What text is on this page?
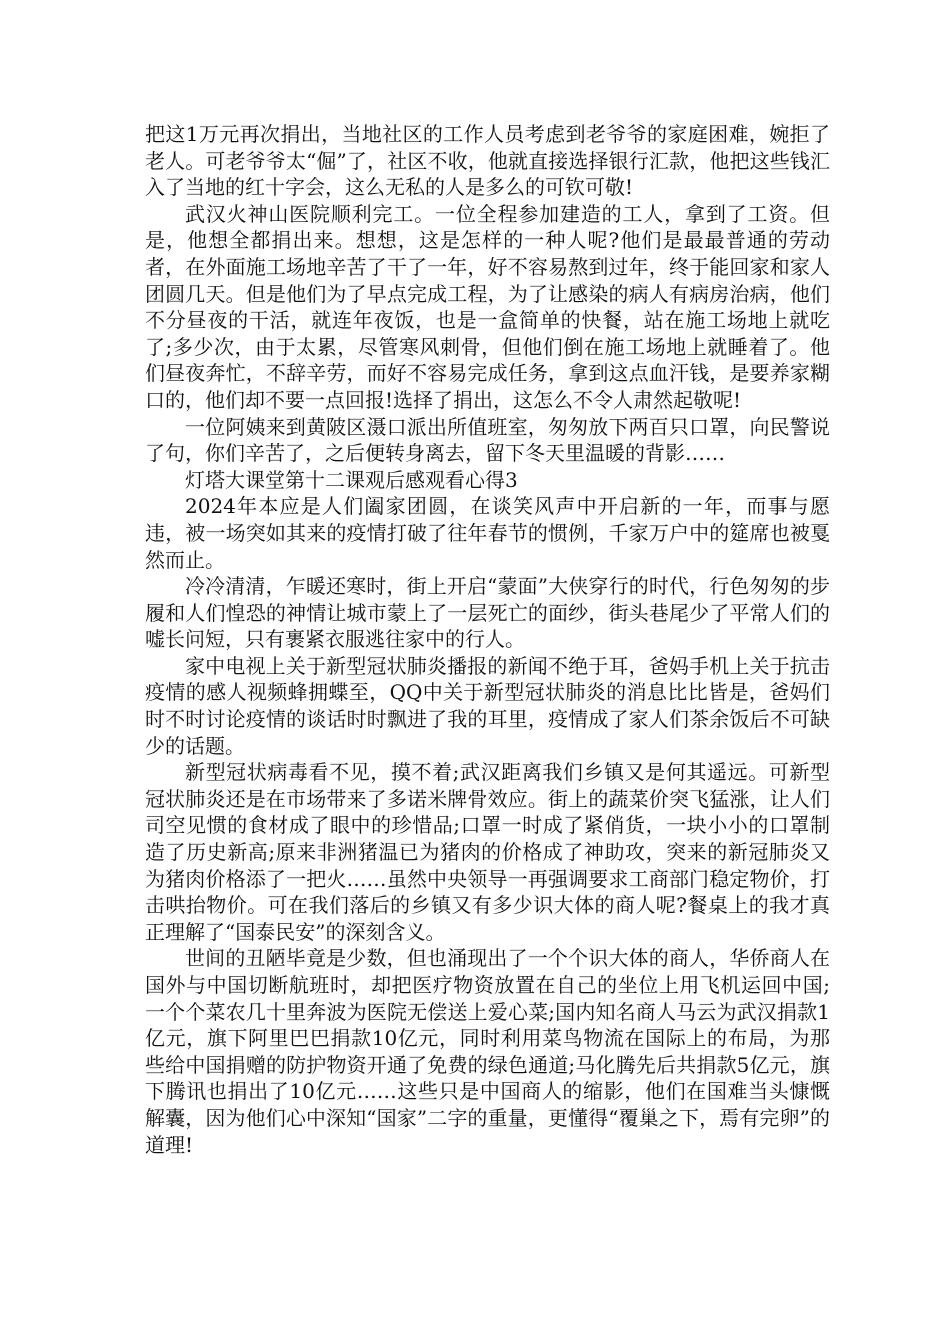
把这1万元再次捐出，当地社区的工作人员考虑到老爷爷的家庭困难，婉拒了老人。可老爷爷太“倔”了，社区不收，他就直接选择银行汇款，他把这些钱汇入了当地的红十字会，这么无私的人是多么的可钦可敬!

武汉火神山医院顺利完工。一位全程参加建造的工人，拿到了工资。但是，他想全都捐出来。想想，这是怎样的一种人呢?他们是最最普通的劳动者，在外面施工场地辛苦了干了一年，好不容易熬到过年，终于能回家和家人团圆几天。但是他们为了早点完成工程，为了让感染的病人有病房治病，他们不分昼夜的干活，就连年夜饭，也是一盒简单的快餐，站在施工场地上就吃了;多少次，由于太累，尽管寒风刺骨，但他们倒在施工场地上就睡着了。他们昼夜奔忙，不辞辛劳，而好不容易完成任务，拿到这点血汗钱，是要养家糊口的，他们却不要一点回报!选择了捐出，这怎么不令人肃然起敬呢!

一位阿姨来到黄陂区滠口派出所值班室，匆匆放下两百只口罩，向民警说了句，你们辛苦了，之后便转身离去，留下冬天里温暖的背影……

灯塔大课堂第十二课观后感观看心得3

2024年本应是人们阖家团圆，在谈笑风声中开启新的一年，而事与愿违，被一场突如其来的疫情打破了往年春节的惯例，千家万户中的筵席也被戛然而止。

冷冷清清，乍暖还寒时，街上开启“蒙面”大侠穿行的时代，行色匆匆的步履和人们惶恐的神情让城市蒙上了一层死亡的面纱，街头巷尾少了平常人们的嘘长问短，只有裹紧衣服逃往家中的行人。

家中电视上关于新型冠状肺炎播报的新闻不绝于耳，爸妈手机上关于抗击疫情的感人视频蜂拥蝶至，QQ中关于新型冠状肺炎的消息比比皆是，爸妈们时不时讨论疫情的谈话时时飘进了我的耳里，疫情成了家人们茶余饭后不可缺少的话题。

新型冠状病毒看不见，摸不着;武汉距离我们乡镇又是何其遥远。可新型冠状肺炎还是在市场带来了多诺米牌骨效应。街上的蔬菜价突飞猛涨，让人们司空见惯的食材成了眼中的珍惜品;口罩一时成了紧俏货，一块小小的口罩制造了历史新高;原来非洲猪温已为猪肉的价格成了神助攻，突来的新冠肺炎又为猪肉价格添了一把火……虽然中央领导一再强调要求工商部门稳定物价，打击哄抬物价。可在我们落后的乡镇又有多少识大体的商人呢?餐桌上的我才真正理解了“国泰民安”的深刻含义。

世间的丑陋毕竟是少数，但也涌现出了一个个识大体的商人，华侨商人在国外与中国切断航班时，却把医疗物资放置在自己的坐位上用飞机运回中国;一个个菜农几十里奔波为医院无偿送上爱心菜;国内知名商人马云为武汉捐款1亿元，旗下阿里巴巴捐款10亿元，同时利用菜鸟物流在国际上的布局，为那些给中国捐赠的防护物资开通了免费的绿色通道;马化腾先后共捐款5亿元，旗下腾讯也捐出了10亿元……这些只是中国商人的缩影，他们在国难当头慷慨解囊，因为他们心中深知“国家”二字的重量，更懂得“覆巢之下，焉有完卵”的道理!
